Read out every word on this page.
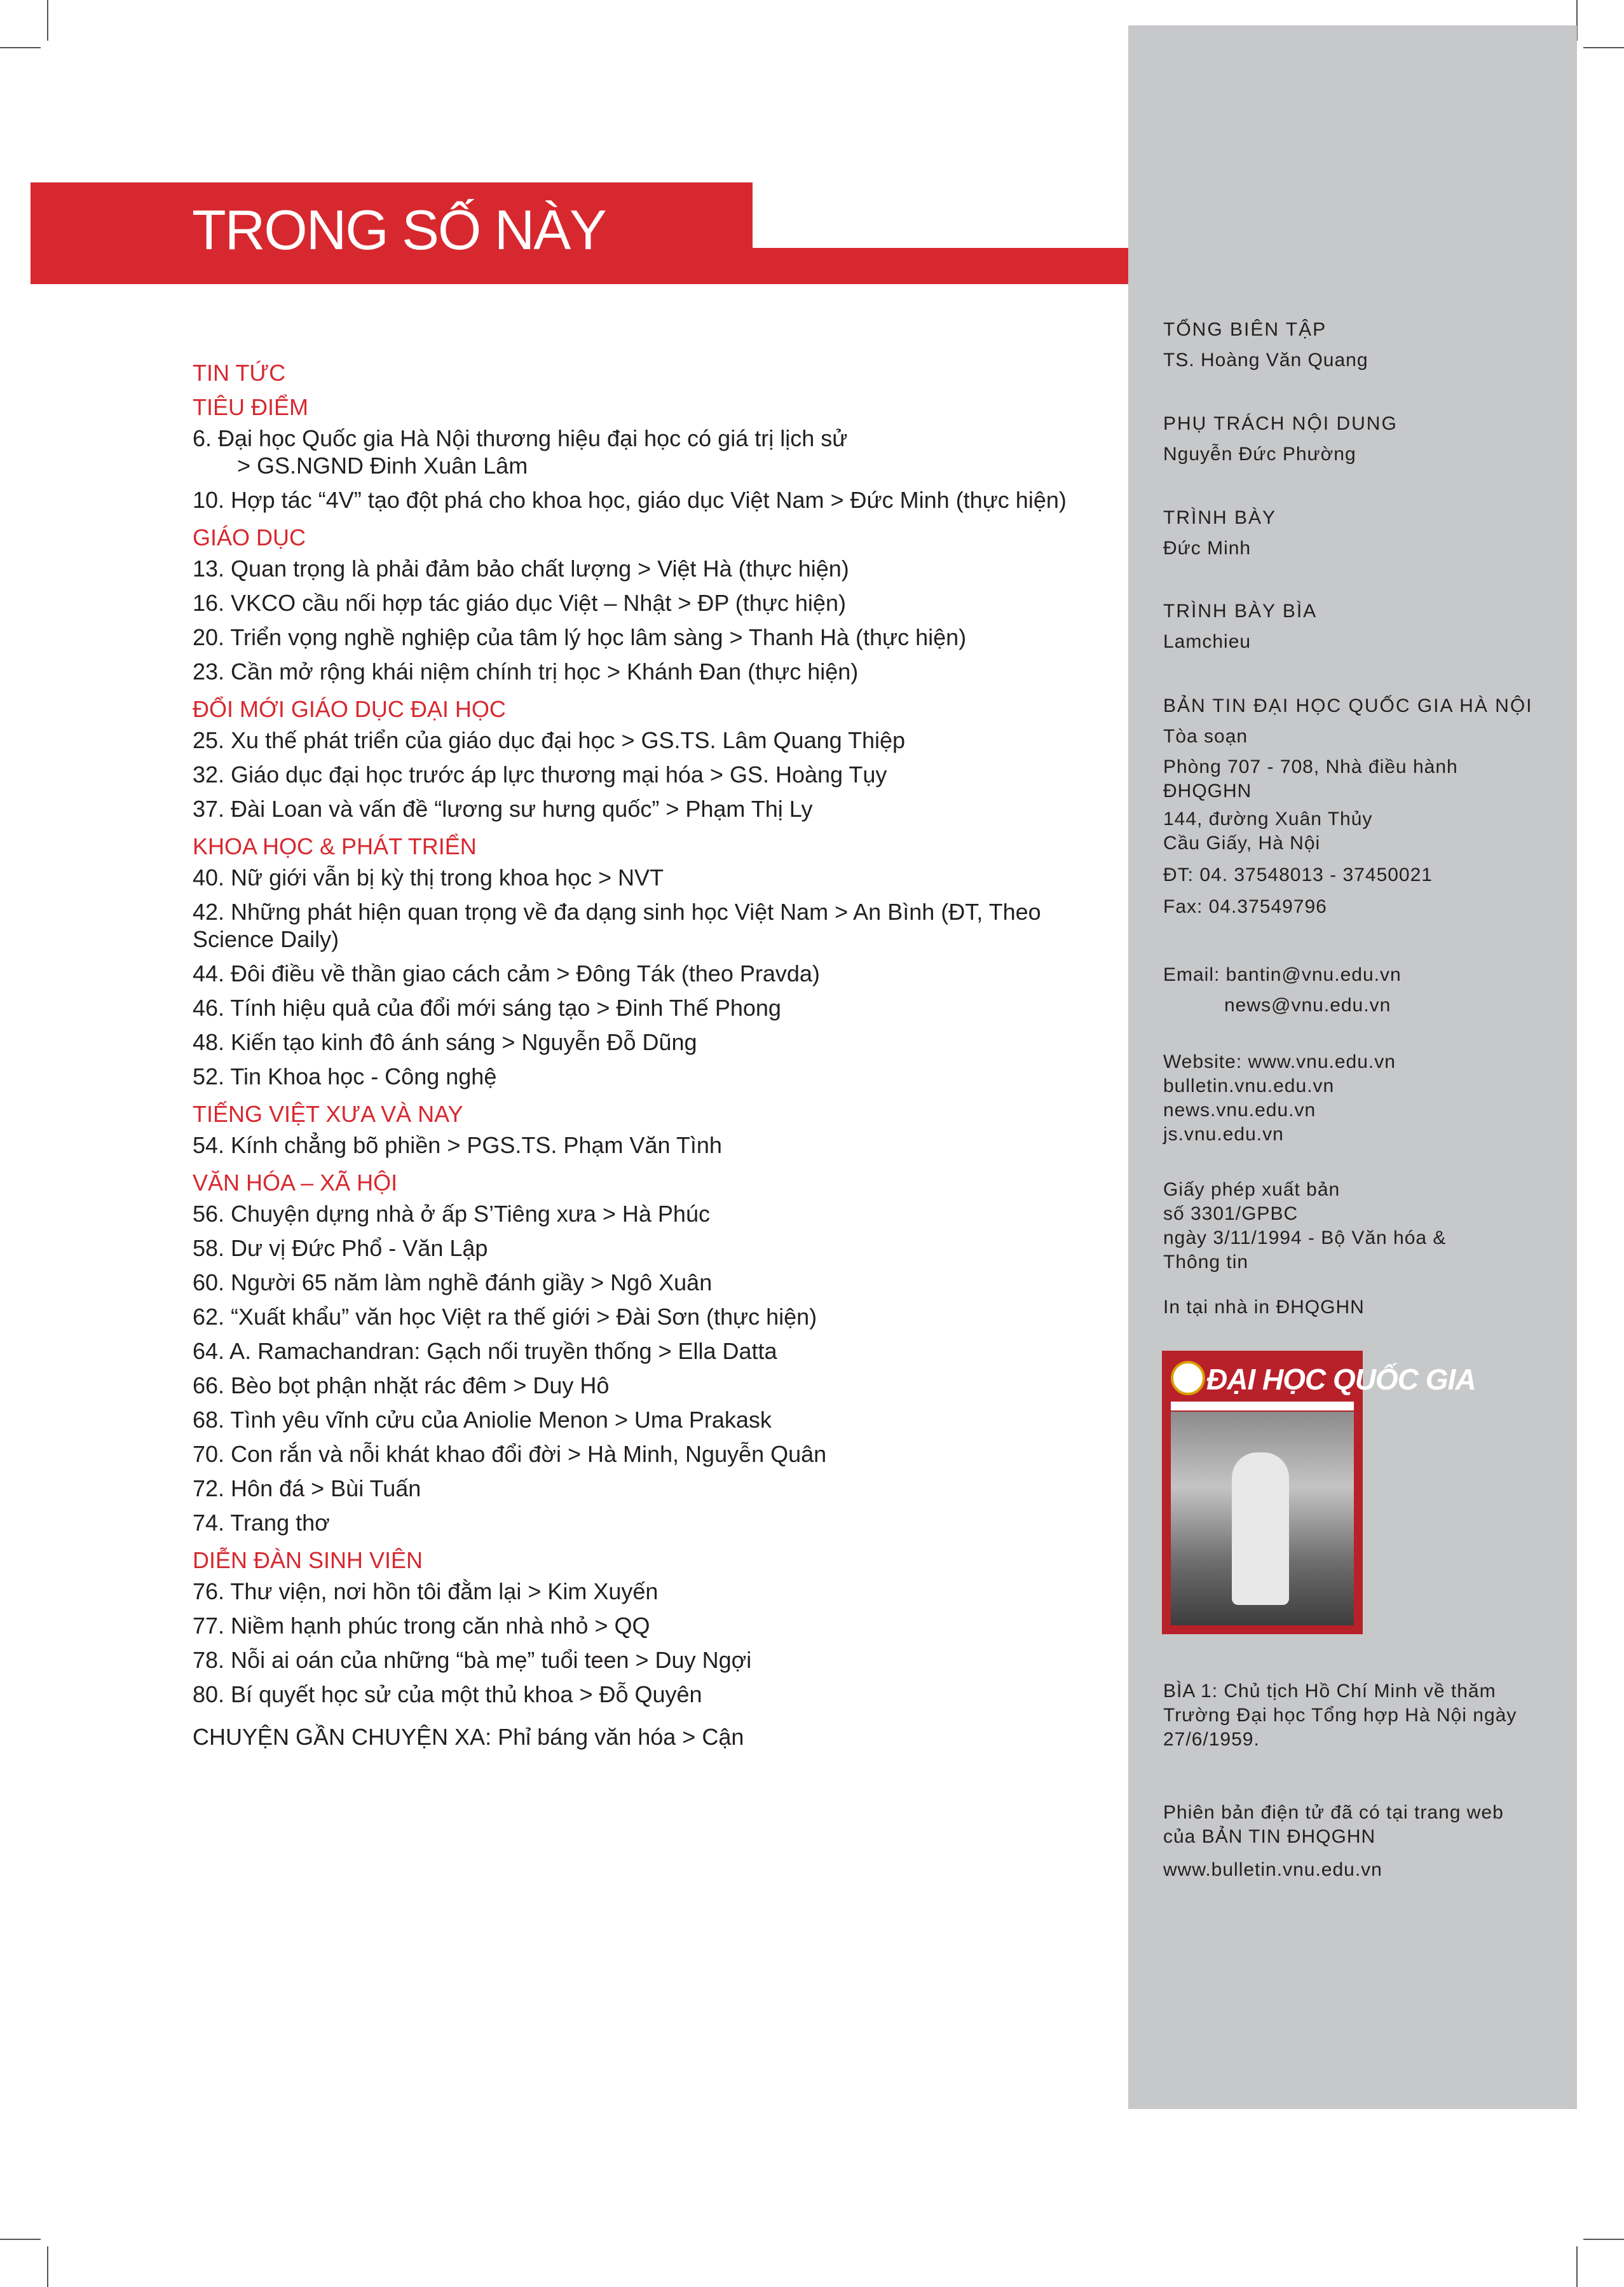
TRONG SỐ NÀY

TỔNG BIÊN TẬP

TS. Hoàng Văn Quang

PHỤ TRÁCH NỘI DUNG

Nguyễn Đức Phường

TRÌNH BÀY

Đức Minh

TRÌNH BÀY BÌA

Lamchieu

BẢN TIN ĐẠI HỌC QUỐC GIA HÀ NỘI

Tòa soạn

Phòng 707 - 708, Nhà điều hành ĐHQGHN

144, đường Xuân Thủy

Cầu Giấy, Hà Nội

ĐT: 04. 37548013 - 37450021

Fax: 04.37549796

Email: bantin@vnu.edu.vn

news@vnu.edu.vn

Website: www.vnu.edu.vn

bulletin.vnu.edu.vn

news.vnu.edu.vn

js.vnu.edu.vn

Giấy phép xuất bản

số 3301/GPBC

ngày 3/11/1994 - Bộ Văn hóa & Thông tin

In tại nhà in ĐHQGHN

ĐẠI HỌC QUỐC GIA

BÌA 1: Chủ tịch Hồ Chí Minh về thăm Trường Đại học Tổng hợp Hà Nội ngày 27/6/1959.

Phiên bản điện tử đã có tại trang web của BẢN TIN ĐHQGHN

www.bulletin.vnu.edu.vn

TIN TỨC
TIÊU ĐIỂM
6. Đại học Quốc gia Hà Nội thương hiệu đại học có giá trị lịch sử
> GS.NGND Đinh Xuân Lâm
10. Hợp tác “4V” tạo đột phá cho khoa học, giáo dục Việt Nam > Đức Minh (thực hiện)
GIÁO DỤC
13. Quan trọng là phải đảm bảo chất lượng > Việt Hà (thực hiện)
16. VKCO cầu nối hợp tác giáo dục Việt – Nhật > ĐP (thực hiện)
20. Triển vọng nghề nghiệp của tâm lý học lâm sàng > Thanh Hà (thực hiện)
23. Cần mở rộng khái niệm chính trị học > Khánh Đan (thực hiện)
ĐỔI MỚI GIÁO DỤC ĐẠI HỌC
25. Xu thế phát triển của giáo dục đại học > GS.TS. Lâm Quang Thiệp
32. Giáo dục đại học trước áp lực thương mại hóa > GS. Hoàng Tụy
37. Đài Loan và vấn đề “lương sư hưng quốc” > Phạm Thị Ly
KHOA HỌC & PHÁT TRIỂN
40. Nữ giới vẫn bị kỳ thị trong khoa học > NVT
42. Những phát hiện quan trọng về đa dạng sinh học Việt Nam > An Bình (ĐT, Theo Science Daily)
44. Đôi điều về thần giao cách cảm > Đông Ták (theo Pravda)
46. Tính hiệu quả của đổi mới sáng tạo > Đinh Thế Phong
48. Kiến tạo kinh đô ánh sáng > Nguyễn Đỗ Dũng
52. Tin Khoa học - Công nghệ
TIẾNG VIỆT XƯA VÀ NAY
54. Kính chẳng bõ phiền > PGS.TS. Phạm Văn Tình
VĂN HÓA – XÃ HỘI
56. Chuyện dựng nhà ở ấp S’Tiêng xưa > Hà Phúc
58. Dư vị Đức Phổ - Văn Lập
60. Người 65 năm làm nghề đánh giầy > Ngô Xuân
62. “Xuất khẩu” văn học Việt ra thế giới > Đài Sơn (thực hiện)
64. A. Ramachandran: Gạch nối truyền thống > Ella Datta
66. Bèo bọt phận nhặt rác đêm > Duy Hô
68. Tình yêu vĩnh cửu của Aniolie Menon > Uma Prakask
70. Con rắn và nỗi khát khao đổi đời > Hà Minh, Nguyễn Quân
72. Hôn đá > Bùi Tuấn
74. Trang thơ
DIỄN ĐÀN SINH VIÊN
76. Thư viện, nơi hồn tôi đằm lại > Kim Xuyến
77. Niềm hạnh phúc trong căn nhà nhỏ > QQ
78. Nỗi ai oán của những “bà mẹ” tuổi teen > Duy Ngợi
80. Bí quyết học sử của một thủ khoa > Đỗ Quyên
CHUYỆN GẦN CHUYỆN XA: Phỉ báng văn hóa > Cận
